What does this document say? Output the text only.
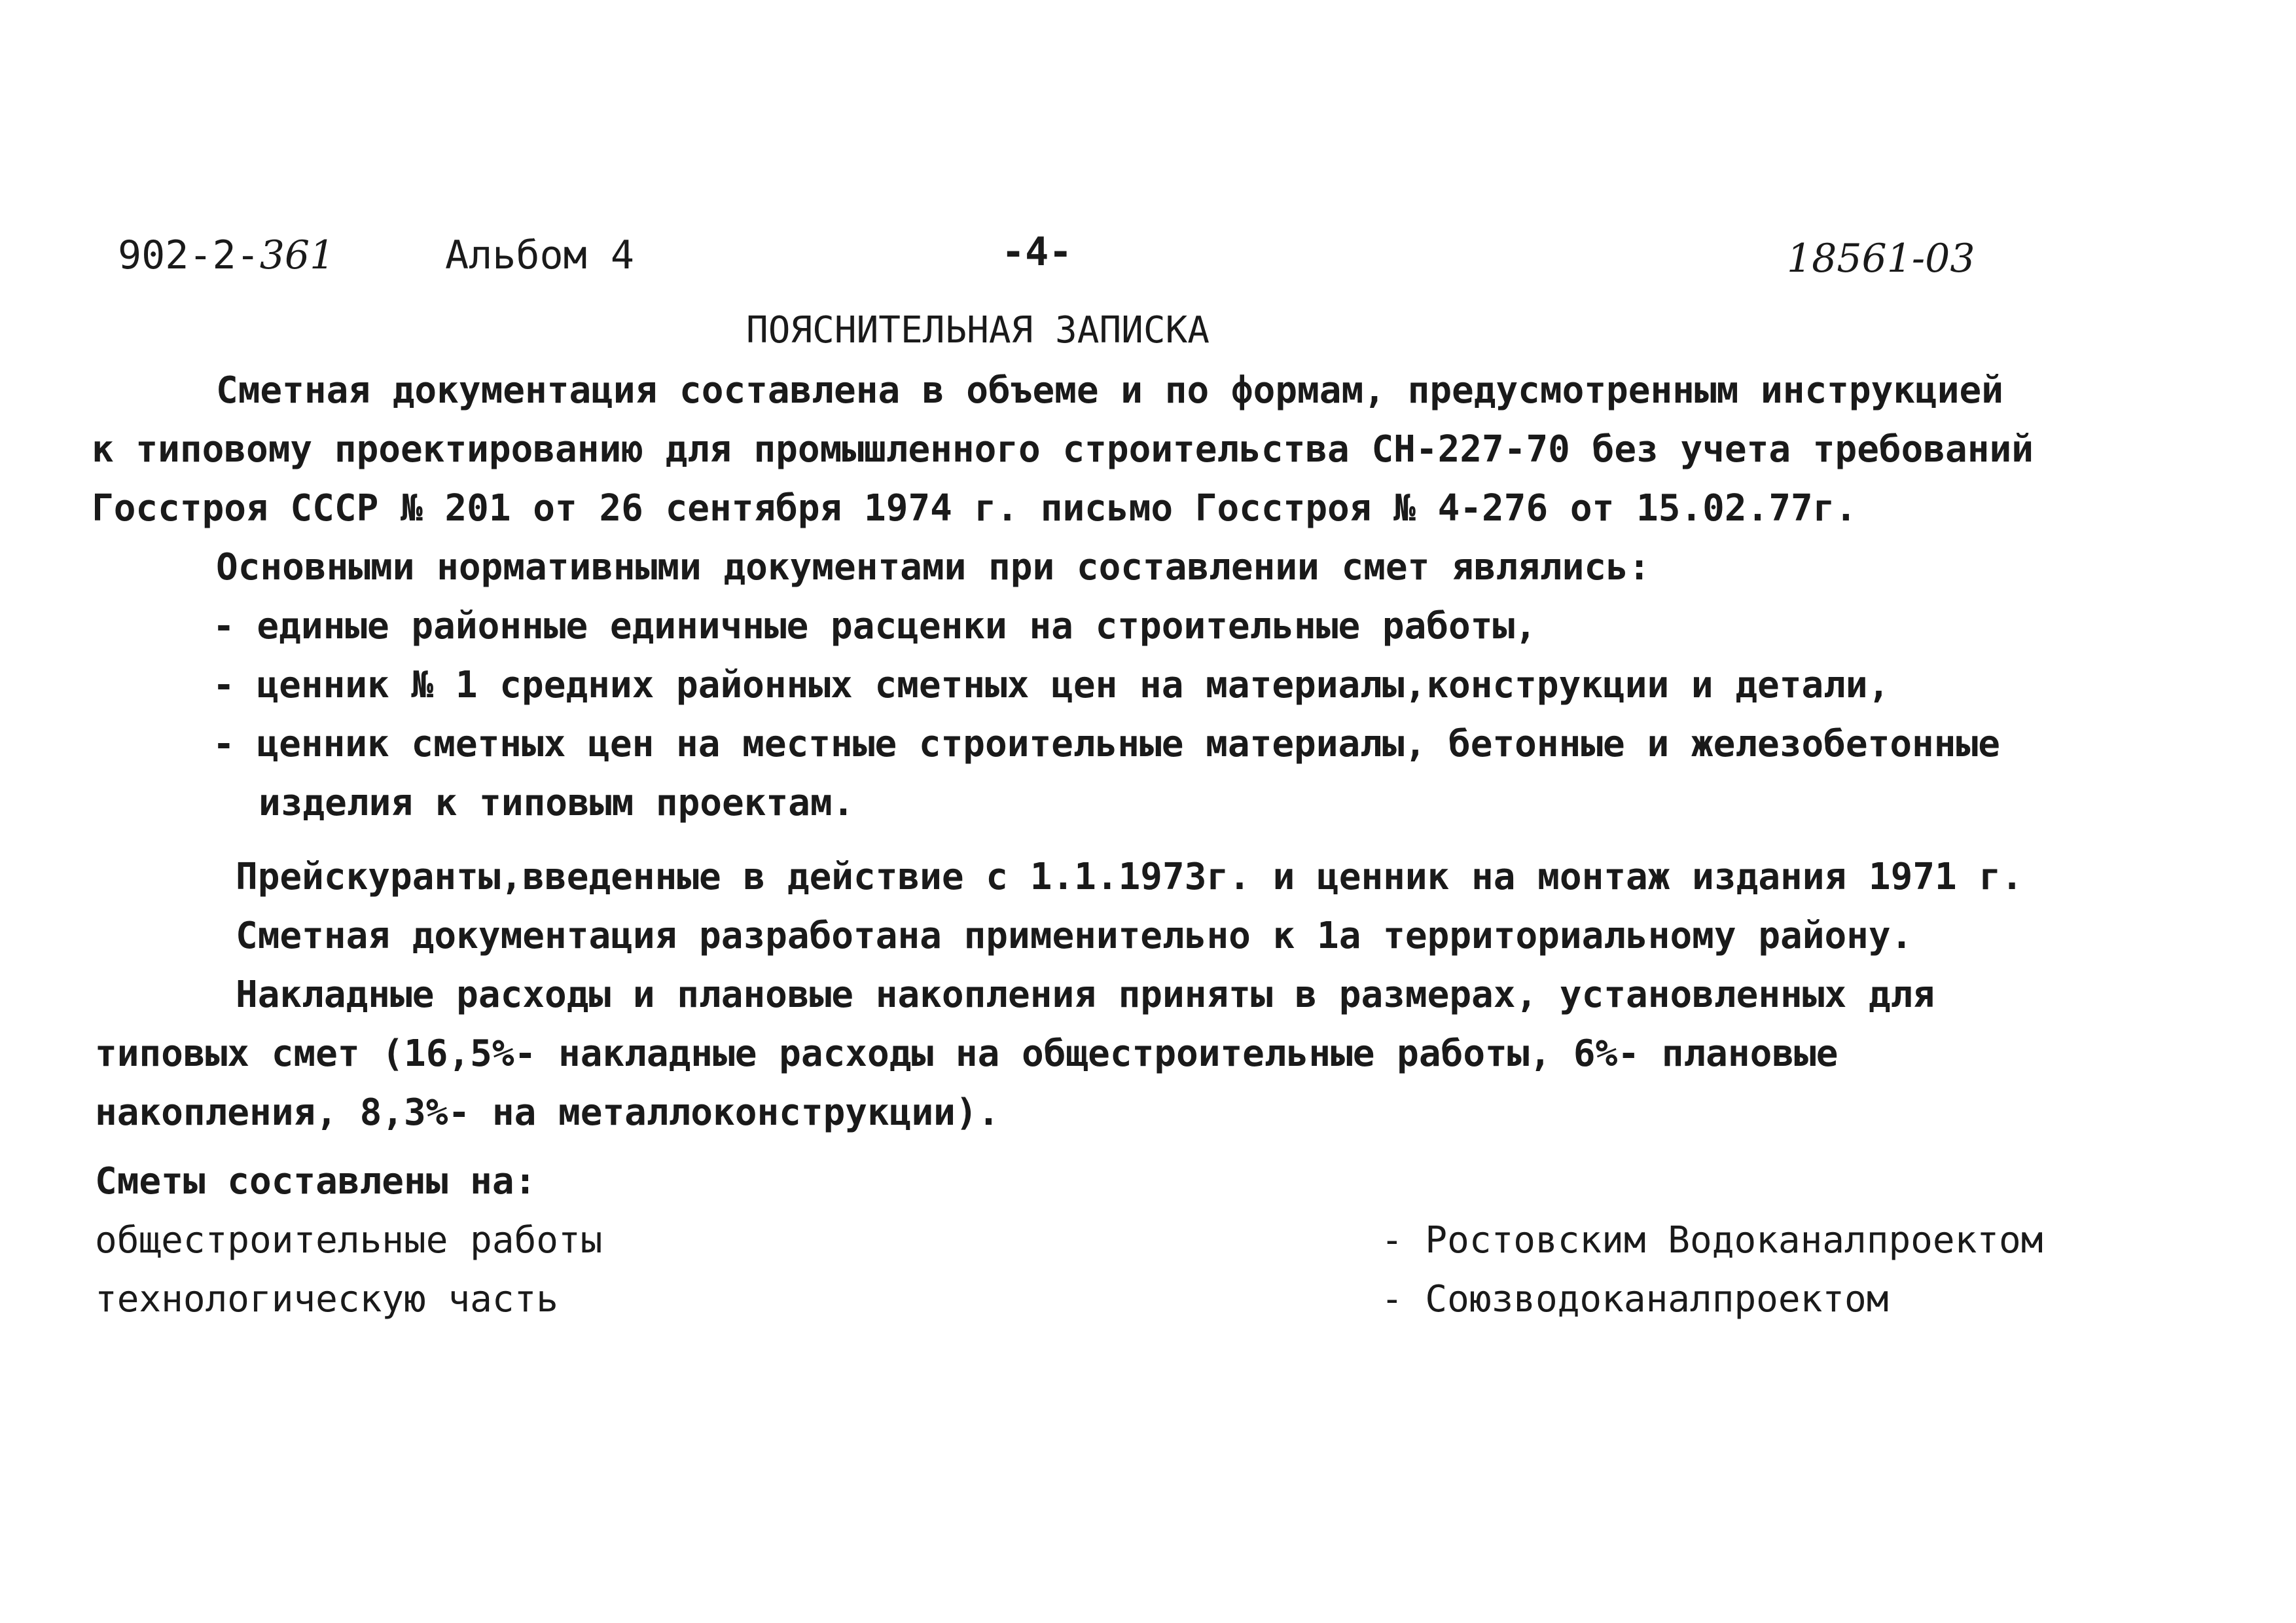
902-2-361	Альбом 4	-4-	18561-03
ПОЯСНИТЕЛЬНАЯ ЗАПИСКА
Сметная документация составлена в объеме и по формам, предусмотренным инструкцией
к типовому проектированию для промышленного строительства СН-227-70 без учета требований
Госстроя СССР № 201 от 26 сентября 1974 г. письмо Госстроя № 4-276 от 15.02.77г.
Основными нормативными документами при составлении смет являлись:
- единые районные единичные расценки на строительные работы,
- ценник № 1 средних районных сметных цен на материалы,конструкции и детали,
- ценник сметных цен на местные строительные материалы, бетонные и железобетонные
изделия к типовым проектам.
Прейскуранты,введенные в действие с 1.1.1973г. и ценник на монтаж издания 1971 г.
Сметная документация разработана применительно к 1а территориальному району.
Накладные расходы и плановые накопления приняты в размерах, установленных для
типовых смет (16,5%- накладные расходы на общестроительные работы, 6%- плановые
накопления, 8,3%- на металлоконструкции).
Сметы составлены на:
общестроительные работы	- Ростовским Водоканалпроектом
технологическую часть	- Союзводоканалпроектом
